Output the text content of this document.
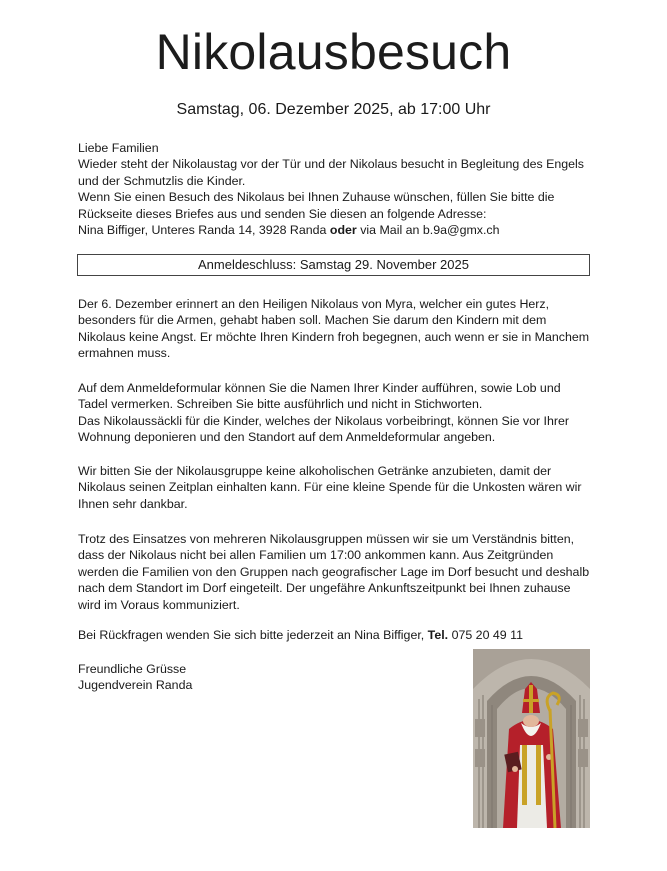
Nikolausbesuch
Samstag, 06. Dezember 2025, ab 17:00 Uhr

Liebe Familien

Wieder steht der Nikolaustag vor der Tür und der Nikolaus besucht in Begleitung des Engels

und der Schmutzlis die Kinder.

Wenn Sie einen Besuch des Nikolaus bei Ihnen Zuhause wünschen, füllen Sie bitte die

Rückseite dieses Briefes aus und senden Sie diesen an folgende Adresse:

Nina Biffiger, Unteres Randa 14, 3928 Randa oder via Mail an b.9a@gmx.ch

Anmeldeschluss: Samstag 29. November 2025

Der 6. Dezember erinnert an den Heiligen Nikolaus von Myra, welcher ein gutes Herz,

besonders für die Armen, gehabt haben soll. Machen Sie darum den Kindern mit dem

Nikolaus keine Angst. Er möchte Ihren Kindern froh begegnen, auch wenn er sie in Manchem

ermahnen muss.

Auf dem Anmeldeformular können Sie die Namen Ihrer Kinder aufführen, sowie Lob und

Tadel vermerken. Schreiben Sie bitte ausführlich und nicht in Stichworten.

Das Nikolaussäckli für die Kinder, welches der Nikolaus vorbeibringt, können Sie vor Ihrer

Wohnung deponieren und den Standort auf dem Anmeldeformular angeben.

Wir bitten Sie der Nikolausgruppe keine alkoholischen Getränke anzubieten, damit der

Nikolaus seinen Zeitplan einhalten kann. Für eine kleine Spende für die Unkosten wären wir

Ihnen sehr dankbar.

Trotz des Einsatzes von mehreren Nikolausgruppen müssen wir sie um Verständnis bitten,

dass der Nikolaus nicht bei allen Familien um 17:00 ankommen kann. Aus Zeitgründen

werden die Familien von den Gruppen nach geografischer Lage im Dorf besucht und deshalb

nach dem Standort im Dorf eingeteilt. Der ungefähre Ankunftszeitpunkt bei Ihnen zuhause

wird im Voraus kommuniziert.

Bei Rückfragen wenden Sie sich bitte jederzeit an Nina Biffiger, Tel. 075 20 49 11

Freundliche Grüsse

Jugendverein Randa
